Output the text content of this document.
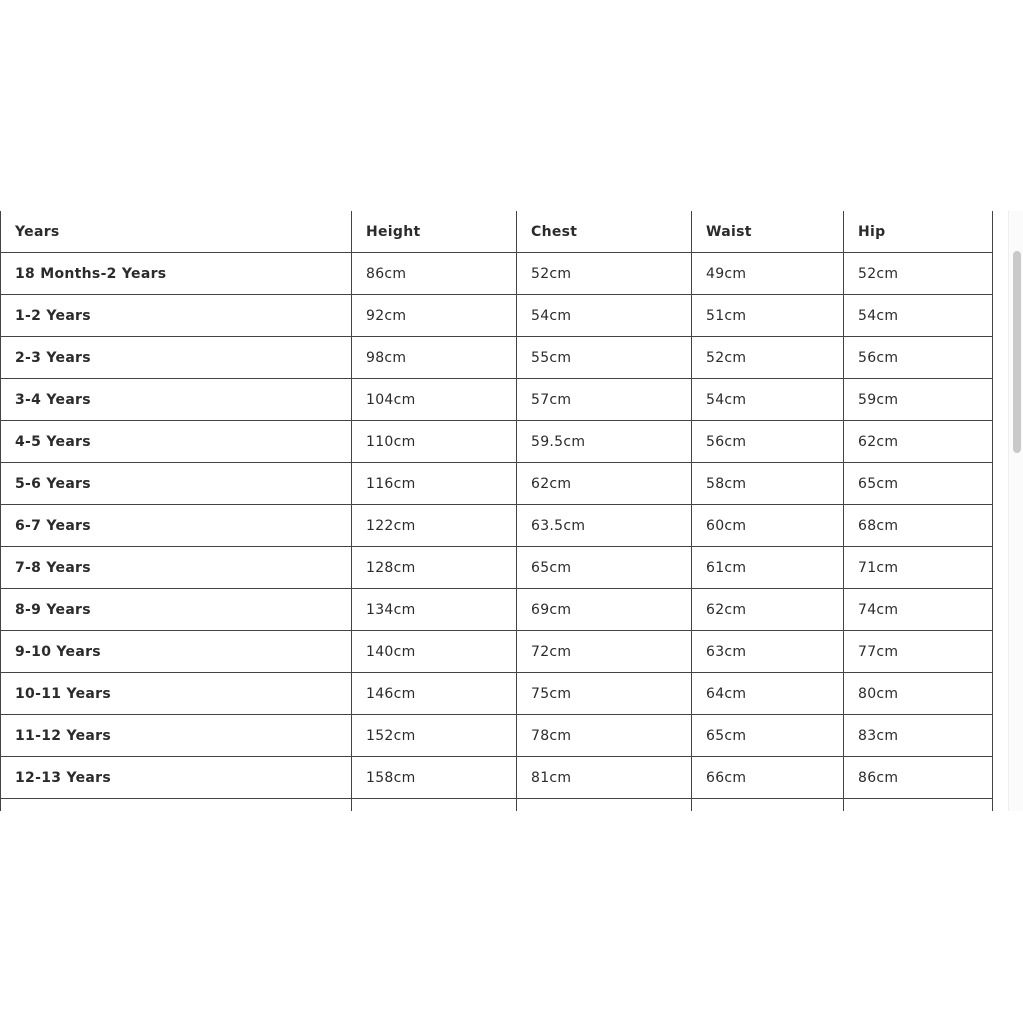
Years	Height	Chest	Waist	Hip
18 Months-2 Years	86cm	52cm	49cm	52cm
1-2 Years	92cm	54cm	51cm	54cm
2-3 Years	98cm	55cm	52cm	56cm
3-4 Years	104cm	57cm	54cm	59cm
4-5 Years	110cm	59.5cm	56cm	62cm
5-6 Years	116cm	62cm	58cm	65cm
6-7 Years	122cm	63.5cm	60cm	68cm
7-8 Years	128cm	65cm	61cm	71cm
8-9 Years	134cm	69cm	62cm	74cm
9-10 Years	140cm	72cm	63cm	77cm
10-11 Years	146cm	75cm	64cm	80cm
11-12 Years	152cm	78cm	65cm	83cm
12-13 Years	158cm	81cm	66cm	86cm
